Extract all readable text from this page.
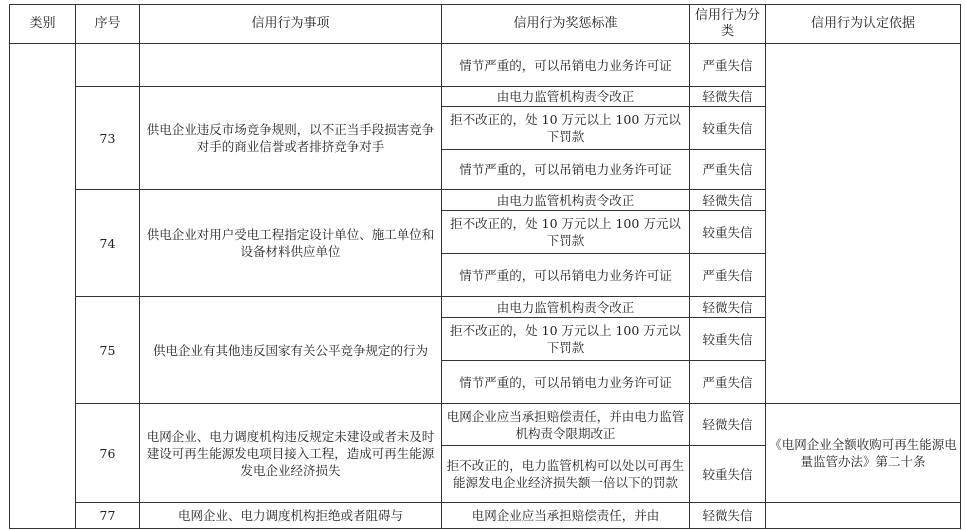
类别	序号	信用行为事项	信用行为奖惩标准	信用行为分类	信用行为认定依据
			情节严重的，可以吊销电力业务许可证	严重失信	
	73	供电企业违反市场竞争规则，以不正当手段损害竞争对手的商业信誉或者排挤竞争对手	由电力监管机构责令改正	轻微失信	
			拒不改正的，处 10 万元以上 100 万元以下罚款	较重失信	
			情节严重的，可以吊销电力业务许可证	严重失信	
	74	供电企业对用户受电工程指定设计单位、施工单位和设备材料供应单位	由电力监管机构责令改正	轻微失信	
			拒不改正的，处 10 万元以上 100 万元以下罚款	较重失信	
			情节严重的，可以吊销电力业务许可证	严重失信	
	75	供电企业有其他违反国家有关公平竞争规定的行为	由电力监管机构责令改正	轻微失信	
			拒不改正的，处 10 万元以上 100 万元以下罚款	较重失信	
			情节严重的，可以吊销电力业务许可证	严重失信	
	76	电网企业、电力调度机构违反规定未建设或者未及时建设可再生能源发电项目接入工程，造成可再生能源发电企业经济损失	电网企业应当承担赔偿责任，并由电力监管机构责令限期改正	轻微失信	《电网企业全额收购可再生能源电量监管办法》第二十条
			拒不改正的，电力监管机构可以处以可再生能源发电企业经济损失额一倍以下的罚款	较重失信	
	77	电网企业、电力调度机构拒绝或者阻碍与	电网企业应当承担赔偿责任，并由	轻微失信	
